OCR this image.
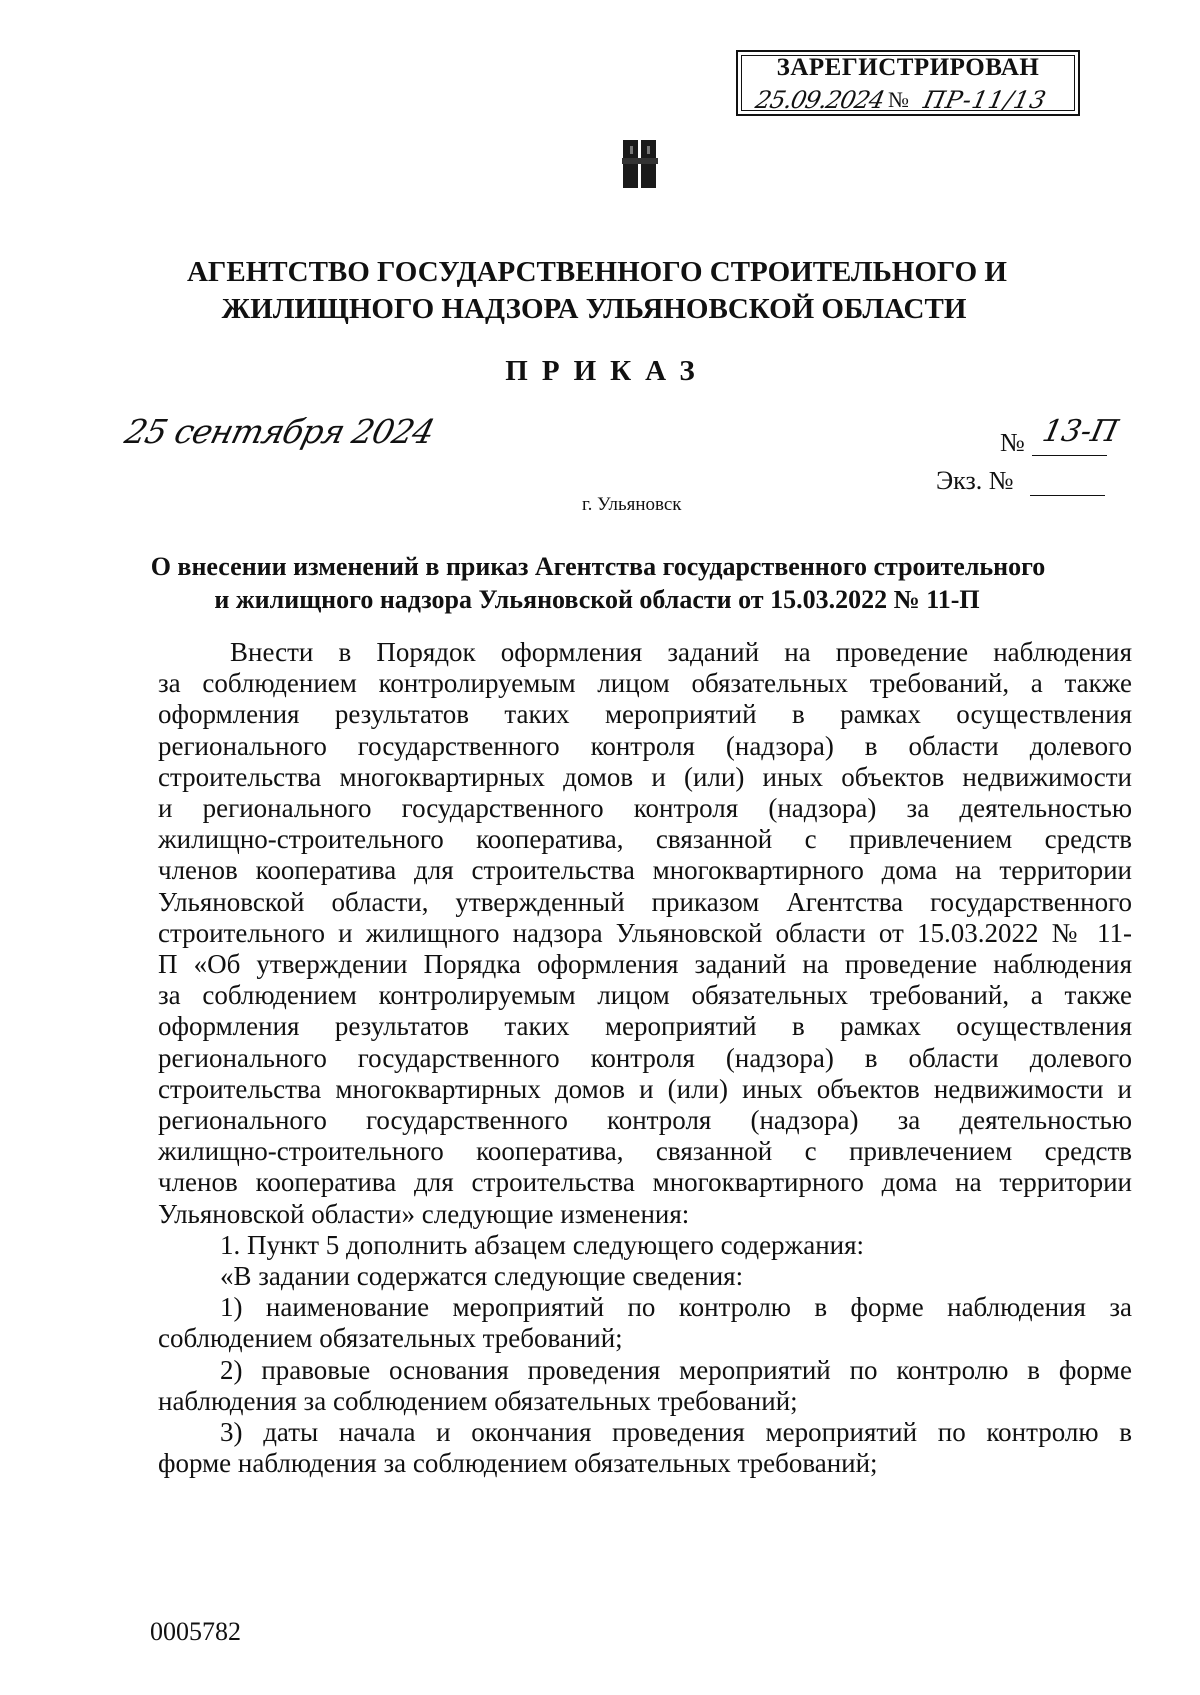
ЗАРЕГИСТРИРОВАН
25.09.2024 № ПР-11/13
АГЕНТСТВО ГОСУДАРСТВЕННОГО СТРОИТЕЛЬНОГО И
ЖИЛИЩНОГО НАДЗОРА УЛЬЯНОВСКОЙ ОБЛАСТИ
ПРИКАЗ
25 сентября 2024	№ 13-П
Экз. №
г. Ульяновск
О внесении изменений в приказ Агентства государственного строительного
и жилищного надзора Ульяновской области от 15.03.2022 № 11-П

Внести в Порядок оформления заданий на проведение наблюдения

за соблюдением контролируемым лицом обязательных требований, а также

оформления результатов таких мероприятий в рамках осуществления

регионального государственного контроля (надзора) в области долевого

строительства многоквартирных домов и (или) иных объектов недвижимости

и регионального государственного контроля (надзора) за деятельностью

жилищно-строительного кооператива, связанной с привлечением средств

членов кооператива для строительства многоквартирного дома на территории

Ульяновской области, утвержденный приказом Агентства государственного

строительного и жилищного надзора Ульяновской области от 15.03.2022 № 11-

П «Об утверждении Порядка оформления заданий на проведение наблюдения

за соблюдением контролируемым лицом обязательных требований, а также

оформления результатов таких мероприятий в рамках осуществления

регионального государственного контроля (надзора) в области долевого

строительства многоквартирных домов и (или) иных объектов недвижимости и

регионального государственного контроля (надзора) за деятельностью

жилищно-строительного кооператива, связанной с привлечением средств

членов кооператива для строительства многоквартирного дома на территории

Ульяновской области» следующие изменения:

1. Пункт 5 дополнить абзацем следующего содержания:

«В задании содержатся следующие сведения:

1) наименование мероприятий по контролю в форме наблюдения за

соблюдением обязательных требований;

2) правовые основания проведения мероприятий по контролю в форме

наблюдения за соблюдением обязательных требований;

3) даты начала и окончания проведения мероприятий по контролю в

форме наблюдения за соблюдением обязательных требований;

0005782
